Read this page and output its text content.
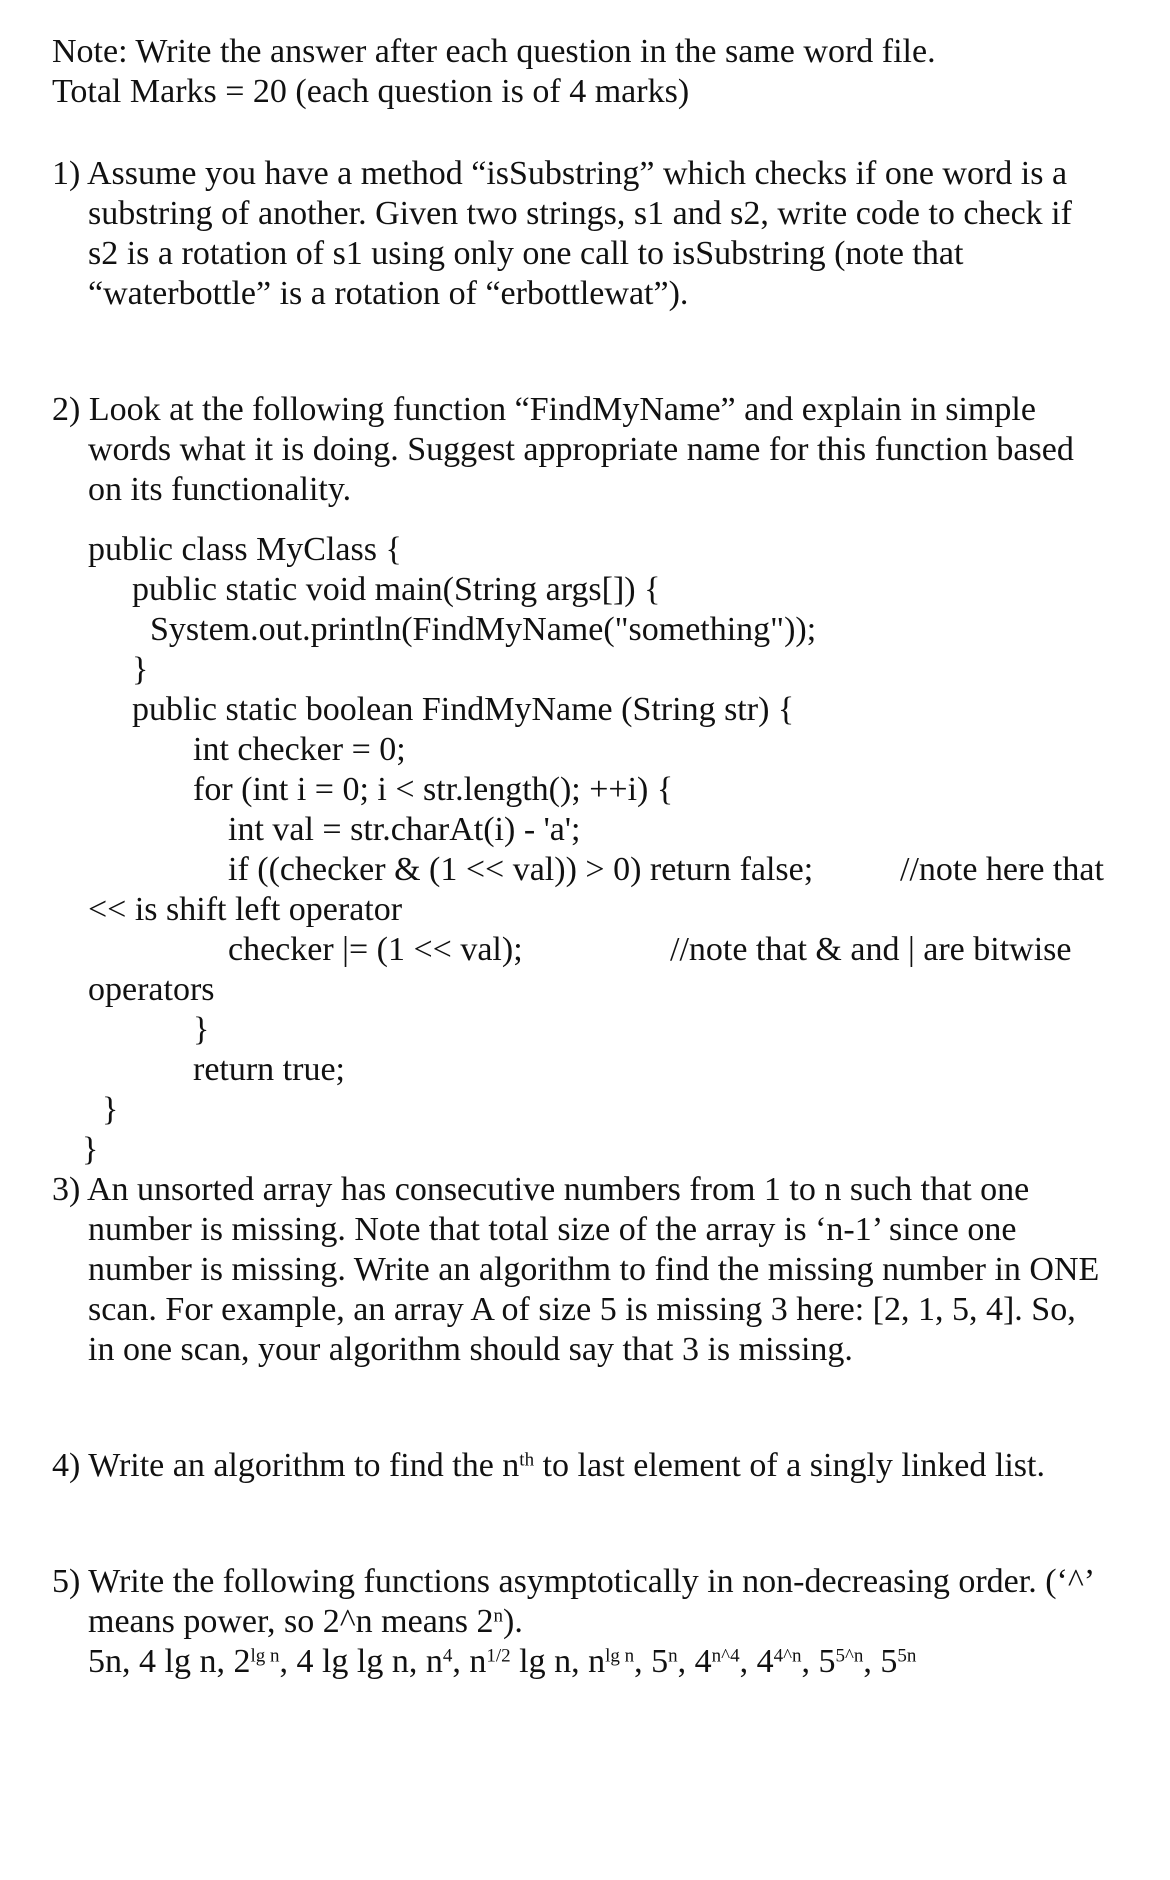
Note: Write the answer after each question in the same word file.

Total Marks = 20 (each question is of 4 marks)

1) Assume you have a method “isSubstring” which checks if one word is a

substring of another. Given two strings, s1 and s2, write code to check if

s2 is a rotation of s1 using only one call to isSubstring (note that

“waterbottle” is a rotation of “erbottlewat”).

2) Look at the following function “FindMyName” and explain in simple

words what it is doing. Suggest appropriate name for this function based

on its functionality.

public class MyClass {

public static void main(String args[]) {

System.out.println(FindMyName("something"));

}

public static boolean FindMyName (String str) {

int checker = 0;

for (int i = 0; i < str.length(); ++i) {

int val = str.charAt(i) - 'a';

if ((checker & (1 << val)) > 0) return false;	//note here that

<< is shift left operator

checker |= (1 << val);	//note that & and | are bitwise

operators

}

return true;

}

}

3) An unsorted array has consecutive numbers from 1 to n such that one

number is missing. Note that total size of the array is ‘n-1’ since one

number is missing. Write an algorithm to find the missing number in ONE

scan. For example, an array A of size 5 is missing 3 here: [2, 1, 5, 4]. So,

in one scan, your algorithm should say that 3 is missing.

4) Write an algorithm to find the $n^{th}$ to last element of a singly linked list.

5) Write the following functions asymptotically in non-decreasing order. (‘^’

means power, so 2^n means 2$^n$).

5n, 4 lg n, $2^{lg n}$, 4 lg lg n, $n^4$, $n^{1/2}$ lg n, $n^{lg n}$, 5$^n$, $4^{n\^{}4}$, $4^{4\^{}n}$, $5^{5\^{}n}$, $5^{5n}$
